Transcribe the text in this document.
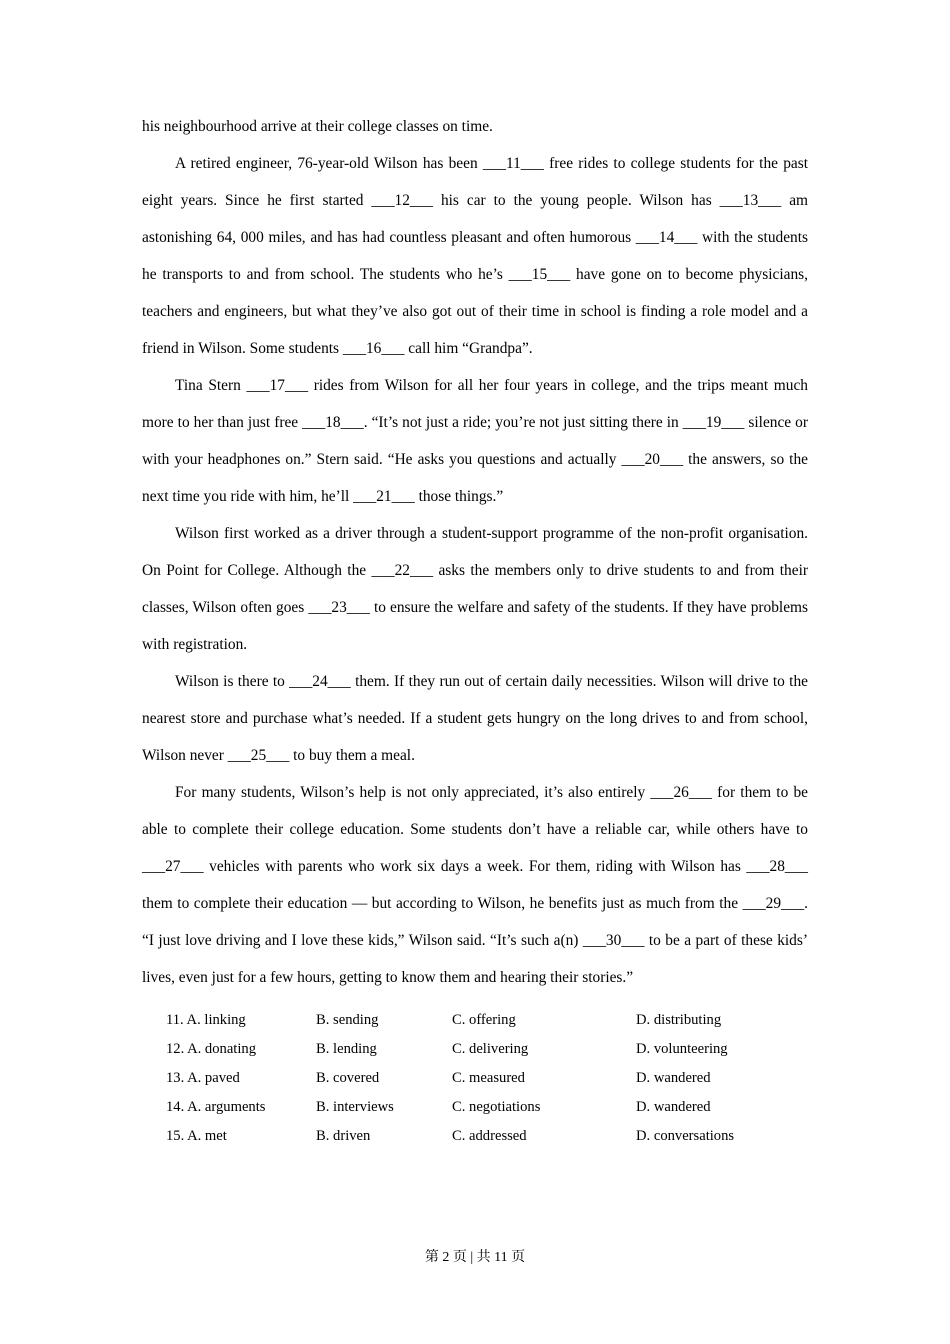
his neighbourhood arrive at their college classes on time.

A retired engineer, 76-year-old Wilson has been ___11___ free rides to college students for the past eight years. Since he first started ___12___ his car to the young people. Wilson has ___13___ am astonishing 64, 000 miles, and has had countless pleasant and often humorous ___14___ with the students he transports to and from school. The students who he’s ___15___ have gone on to become physicians, teachers and engineers, but what they’ve also got out of their time in school is finding a role model and a friend in Wilson. Some students ___16___ call him “Grandpa”.

Tina Stern ___17___ rides from Wilson for all her four years in college, and the trips meant much more to her than just free ___18___. “It’s not just a ride; you’re not just sitting there in ___19___ silence or with your headphones on.” Stern said. “He asks you questions and actually ___20___ the answers, so the next time you ride with him, he’ll ___21___ those things.”

Wilson first worked as a driver through a student-support programme of the non-profit organisation. On Point for College. Although the ___22___ asks the members only to drive students to and from their classes, Wilson often goes ___23___ to ensure the welfare and safety of the students. If they have problems with registration.

Wilson is there to ___24___ them. If they run out of certain daily necessities. Wilson will drive to the nearest store and purchase what’s needed. If a student gets hungry on the long drives to and from school, Wilson never ___25___ to buy them a meal.

For many students, Wilson’s help is not only appreciated, it’s also entirely ___26___ for them to be able to complete their college education. Some students don’t have a reliable car, while others have to ___27___ vehicles with parents who work six days a week. For them, riding with Wilson has ___28___ them to complete their education — but according to Wilson, he benefits just as much from the ___29___. “I just love driving and I love these kids,” Wilson said. “It’s such a(n) ___30___ to be a part of these kids’ lives, even just for a few hours, getting to know them and hearing their stories.”

11. A. linking	B. sending	C. offering	D. distributing
12. A. donating	B. lending	C. delivering	D. volunteering
13. A. paved	B. covered	C. measured	D. wandered
14. A. arguments	B. interviews	C. negotiations	D. wandered
15. A. met	B. driven	C. addressed	D. conversations
第 2 页 | 共 11 页
